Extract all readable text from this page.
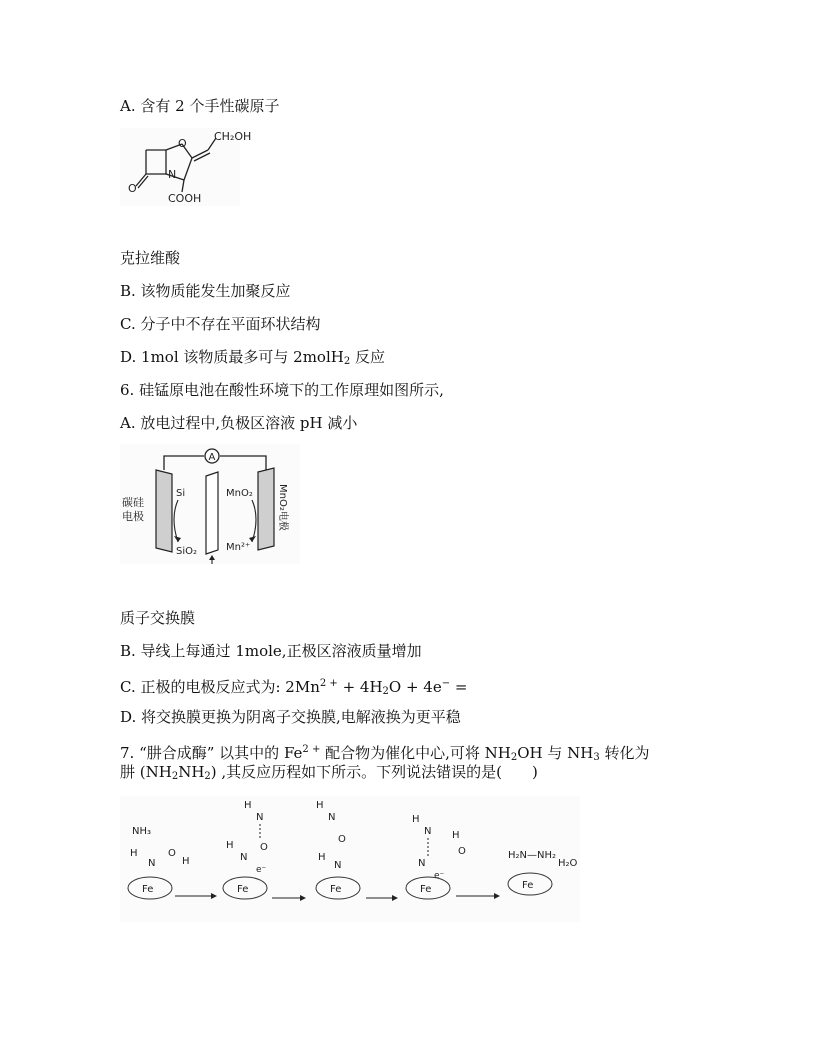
A. 含有 2 个手性碳原子
CH₂OH
O
N
O
COOH
克拉维酸
B. 该物质能发生加聚反应
C. 分子中不存在平面环状结构
D. 1mol 该物质最多可与 2molH$_2$ 反应
6. 硅锰原电池在酸性环境下的工作原理如图所示,
A. 放电过程中,负极区溶液 pH 减小
A
碳硅
电极
Si
SiO₂
MnO₂
Mn²⁺
MnO₂电极
质子交换膜
B. 导线上每通过 1mole,正极区溶液质量增加
C. 正极的电极反应式为: $2Mn^{2 +} + 4H_2O + 4e^-$ =
D. 将交换膜更换为阴离子交换膜,电解液换为更平稳
7. “肼合成酶” 以其中的 $Fe^{2 +}$ 配合物为催化中心,可将 $NH_2OH$ 与 $NH_3$ 转化为
肼 $(NH_2NH_2)$ ,其反应历程如下所示。下列说法错误的是(　　)
Fe	Fe	Fe	Fe	Fe
NH₃
H
N
O
H
H
N
H
N
O
e⁻
H
N
O
H
N
H
N H
O
N
e⁻
H₂N—NH₂
H₂O
